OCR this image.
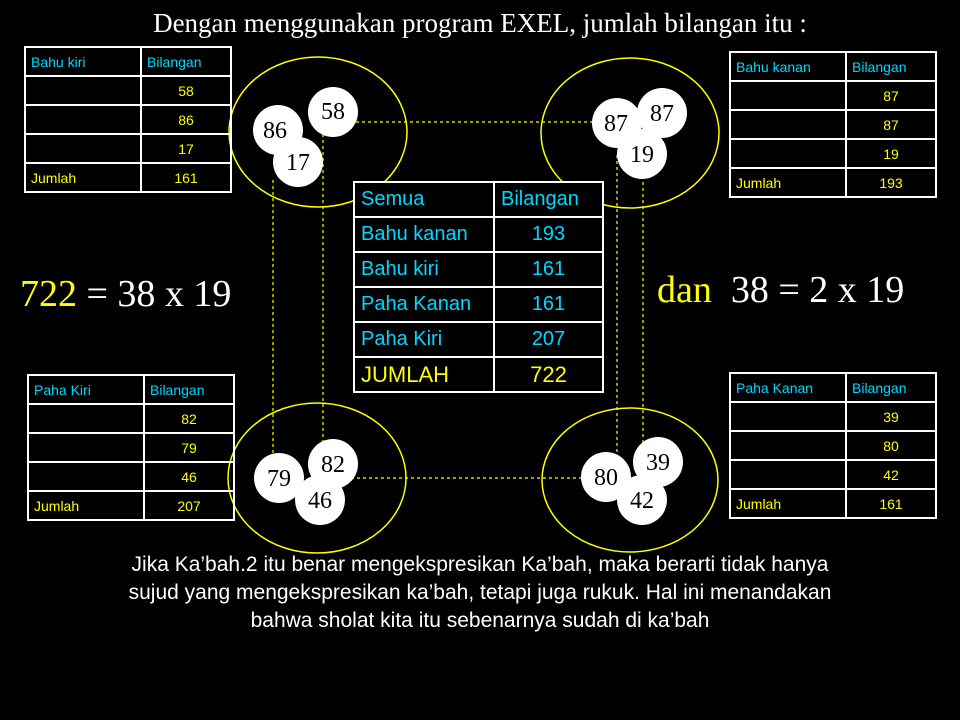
Dengan menggunakan program EXEL, jumlah bilangan itu :
58
86
17
87 87
19
82
79
46
39
80
42
Bahu kiri	Bilangan
	58
	86
	17
Jumlah	161
Bahu kanan	Bilangan
	87
	87
	19
Jumlah	193
Paha Kiri	Bilangan
	82
	79
	46
Jumlah	207
Paha Kanan	Bilangan
	39
	80
	42
Jumlah	161
Semua	Bilangan
Bahu kanan	193
Bahu kiri	161
Paha Kanan	161
Paha Kiri	207
JUMLAH	722
722 = 38 x 19	dan 38 = 2 x 19
Jika Ka’bah.2 itu benar mengekspresikan Ka’bah, maka berarti tidak hanya
sujud yang mengekspresikan ka’bah, tetapi juga rukuk. Hal ini menandakan
bahwa sholat kita itu sebenarnya sudah di ka’bah
